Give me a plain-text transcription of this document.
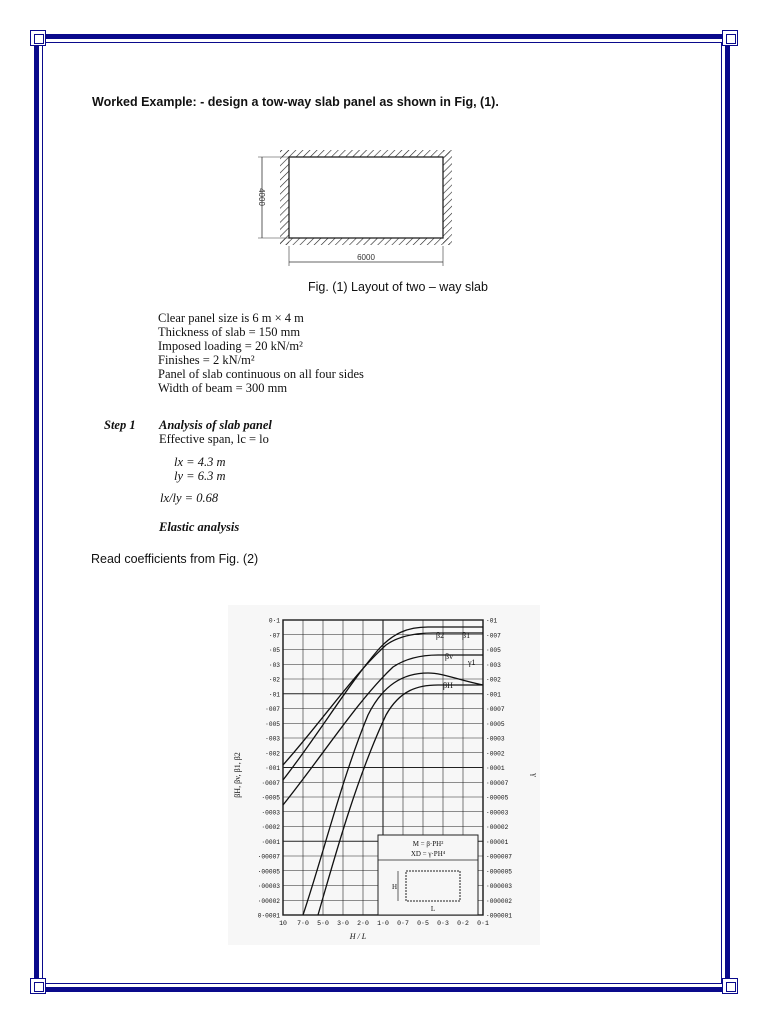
Worked Example: - design a tow-way slab panel as shown in Fig, (1).
4000
6000
Fig. (1) Layout of two – way slab
Clear panel size is 6 m × 4 m
Thickness of slab = 150 mm
Imposed loading = 20 kN/m²
Finishes = 2 kN/m²
Panel of slab continuous on all four sides
Width of beam = 300 mm
Step 1 Analysis of slab panel
Effective span, lc = lo
lx = 4.3 m
ly = 6.3 m
lx/ly = 0.68
Elastic analysis
Read coefficients from Fig. (2)
0·1
·07
·05
·03
·02
·01
·007
·005
·003
·002
·001
·0007
·0005
·0003
·0002
·0001
·00007
·00005
·00003
·00002
0·0001
·01
·007
·005
·003
·002
·001
·0007
·0005
·0003
·0002
·0001
·00007
·00005
·00003
·00002
·00001
·000007
·000005
·000003
·000002
·000001
10 7·0 5·0 3·0 2·0 1·0 0·7 0·5 0·3 0·2 0·1
β2 β1
βv
γ1
βH
M = β·PH²
XD = γ·PH⁴
H
L
βH, βv, β1, β2	γ
H / L
